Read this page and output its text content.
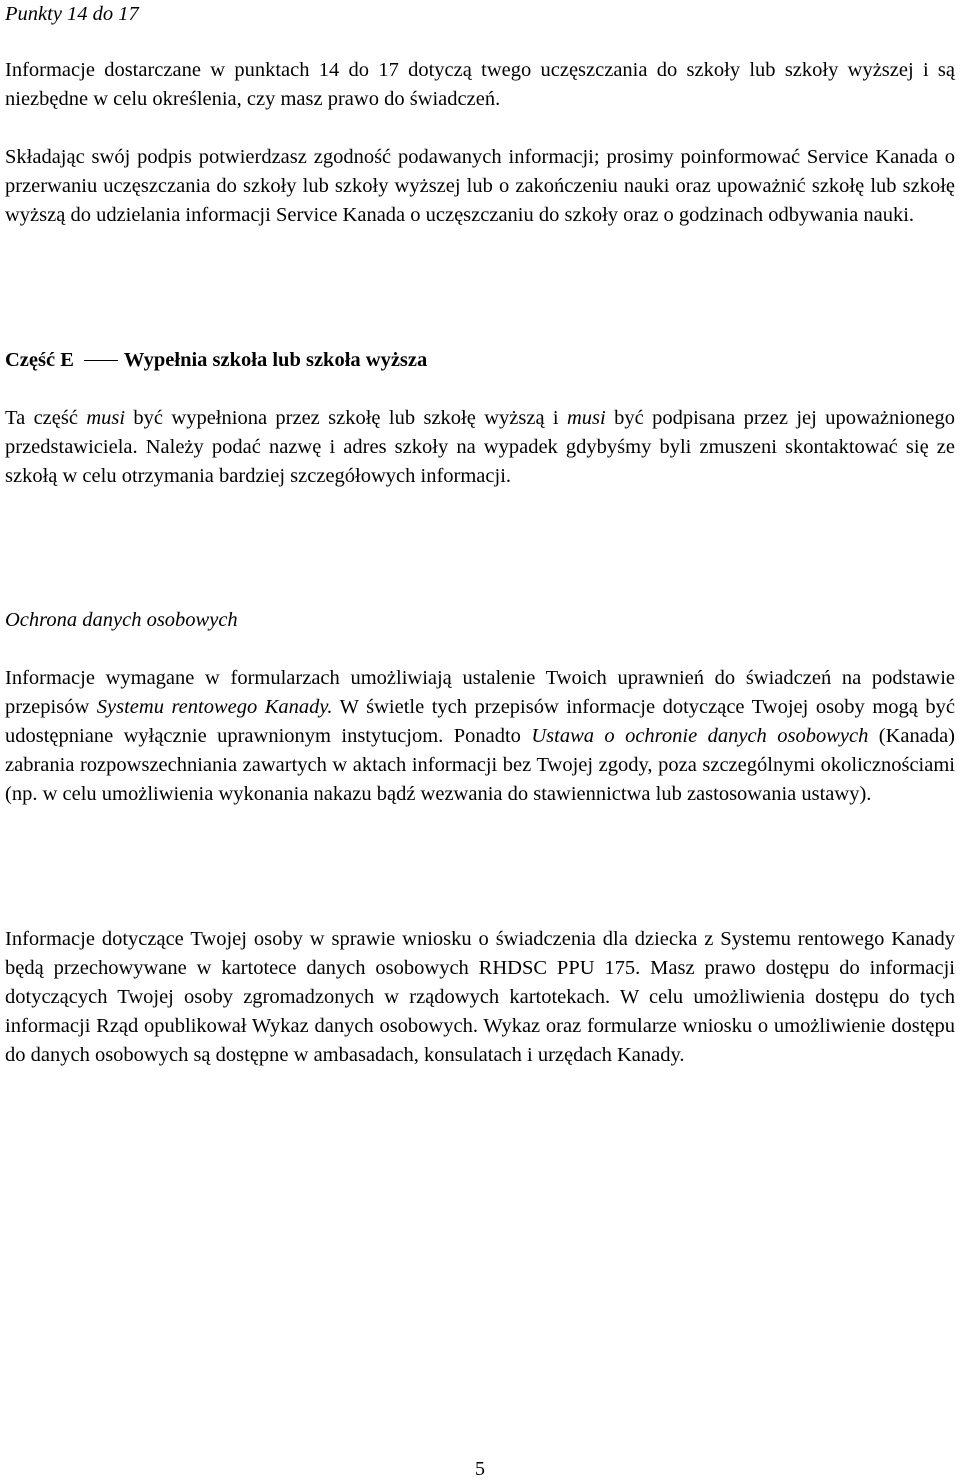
Punkty 14 do 17

Informacje dostarczane w punktach 14 do 17 dotyczą twego uczęszczania do szkoły lub szkoły wyższej i są niezbędne w celu określenia, czy masz prawo do świadczeń.

Składając swój podpis potwierdzasz zgodność podawanych informacji; prosimy poinformować Service Kanada o przerwaniu uczęszczania do szkoły lub szkoły wyższej lub o zakończeniu nauki oraz upoważnić szkołę lub szkołę wyższą do udzielania informacji Service Kanada o uczęszczaniu do szkoły oraz o godzinach odbywania nauki.

Część E Wypełnia szkoła lub szkoła wyższa

Ta część musi być wypełniona przez szkołę lub szkołę wyższą i musi być podpisana przez jej upoważnionego przedstawiciela. Należy podać nazwę i adres szkoły na wypadek gdybyśmy byli zmuszeni skontaktować się ze szkołą w celu otrzymania bardziej szczegółowych informacji.

Ochrona danych osobowych

Informacje wymagane w formularzach umożliwiają ustalenie Twoich uprawnień do świadczeń na podstawie przepisów Systemu rentowego Kanady. W świetle tych przepisów informacje dotyczące Twojej osoby mogą być udostępniane wyłącznie uprawnionym instytucjom. Ponadto Ustawa o ochronie danych osobowych (Kanada) zabrania rozpowszechniania zawartych w aktach informacji bez Twojej zgody, poza szczególnymi okolicznościami (np. w celu umożliwienia wykonania nakazu bądź wezwania do stawiennictwa lub zastosowania ustawy).

Informacje dotyczące Twojej osoby w sprawie wniosku o świadczenia dla dziecka z Systemu rentowego Kanady będą przechowywane w kartotece danych osobowych RHDSC PPU 175. Masz prawo dostępu do informacji dotyczących Twojej osoby zgromadzonych w rządowych kartotekach. W celu umożliwienia dostępu do tych informacji Rząd opublikował Wykaz danych osobowych. Wykaz oraz formularze wniosku o umożliwienie dostępu do danych osobowych są dostępne w ambasadach, konsulatach i urzędach Kanady.

5
